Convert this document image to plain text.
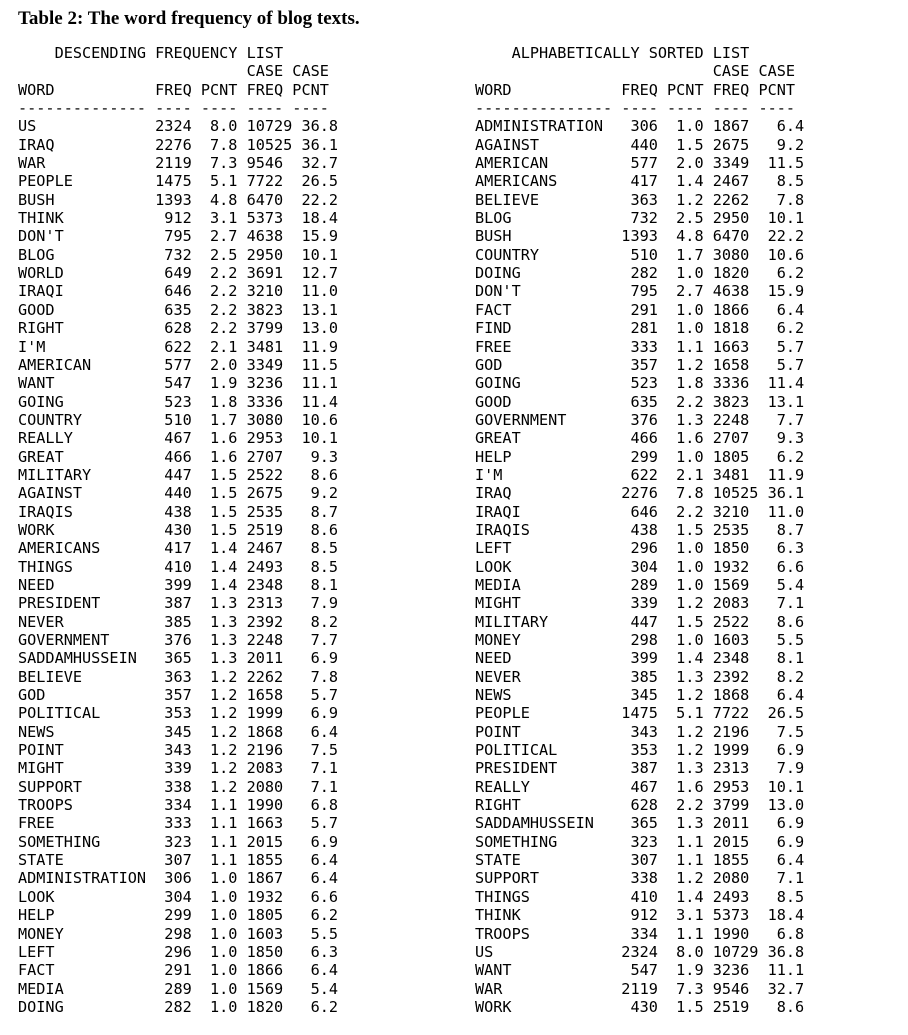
Table 2: The word frequency of blog texts.
DESCENDING FREQUENCY LIST
CASE CASE
WORD           FREQ PCNT FREQ PCNT
-------------- ---- ---- ---- ----
US             2324  8.0 10729 36.8
IRAQ           2276  7.8 10525 36.1
WAR            2119  7.3 9546  32.7
PEOPLE         1475  5.1 7722  26.5
BUSH           1393  4.8 6470  22.2
THINK           912  3.1 5373  18.4
DON'T           795  2.7 4638  15.9
BLOG            732  2.5 2950  10.1
WORLD           649  2.2 3691  12.7
IRAQI           646  2.2 3210  11.0
GOOD            635  2.2 3823  13.1
RIGHT           628  2.2 3799  13.0
I'M             622  2.1 3481  11.9
AMERICAN        577  2.0 3349  11.5
WANT            547  1.9 3236  11.1
GOING           523  1.8 3336  11.4
COUNTRY         510  1.7 3080  10.6
REALLY          467  1.6 2953  10.1
GREAT           466  1.6 2707   9.3
MILITARY        447  1.5 2522   8.6
AGAINST         440  1.5 2675   9.2
IRAQIS          438  1.5 2535   8.7
WORK            430  1.5 2519   8.6
AMERICANS       417  1.4 2467   8.5
THINGS          410  1.4 2493   8.5
NEED            399  1.4 2348   8.1
PRESIDENT       387  1.3 2313   7.9
NEVER           385  1.3 2392   8.2
GOVERNMENT      376  1.3 2248   7.7
SADDAMHUSSEIN   365  1.3 2011   6.9
BELIEVE         363  1.2 2262   7.8
GOD             357  1.2 1658   5.7
POLITICAL       353  1.2 1999   6.9
NEWS            345  1.2 1868   6.4
POINT           343  1.2 2196   7.5
MIGHT           339  1.2 2083   7.1
SUPPORT         338  1.2 2080   7.1
TROOPS          334  1.1 1990   6.8
FREE            333  1.1 1663   5.7
SOMETHING       323  1.1 2015   6.9
STATE           307  1.1 1855   6.4
ADMINISTRATION  306  1.0 1867   6.4
LOOK            304  1.0 1932   6.6
HELP            299  1.0 1805   6.2
MONEY           298  1.0 1603   5.5
LEFT            296  1.0 1850   6.3
FACT            291  1.0 1866   6.4
MEDIA           289  1.0 1569   5.4
DOING           282  1.0 1820   6.2
ALPHABETICALLY SORTED LIST
CASE CASE
WORD            FREQ PCNT FREQ PCNT
--------------- ---- ---- ---- ----
ADMINISTRATION   306  1.0 1867   6.4
AGAINST          440  1.5 2675   9.2
AMERICAN         577  2.0 3349  11.5
AMERICANS        417  1.4 2467   8.5
BELIEVE          363  1.2 2262   7.8
BLOG             732  2.5 2950  10.1
BUSH            1393  4.8 6470  22.2
COUNTRY          510  1.7 3080  10.6
DOING            282  1.0 1820   6.2
DON'T            795  2.7 4638  15.9
FACT             291  1.0 1866   6.4
FIND             281  1.0 1818   6.2
FREE             333  1.1 1663   5.7
GOD              357  1.2 1658   5.7
GOING            523  1.8 3336  11.4
GOOD             635  2.2 3823  13.1
GOVERNMENT       376  1.3 2248   7.7
GREAT            466  1.6 2707   9.3
HELP             299  1.0 1805   6.2
I'M              622  2.1 3481  11.9
IRAQ            2276  7.8 10525 36.1
IRAQI            646  2.2 3210  11.0
IRAQIS           438  1.5 2535   8.7
LEFT             296  1.0 1850   6.3
LOOK             304  1.0 1932   6.6
MEDIA            289  1.0 1569   5.4
MIGHT            339  1.2 2083   7.1
MILITARY         447  1.5 2522   8.6
MONEY            298  1.0 1603   5.5
NEED             399  1.4 2348   8.1
NEVER            385  1.3 2392   8.2
NEWS             345  1.2 1868   6.4
PEOPLE          1475  5.1 7722  26.5
POINT            343  1.2 2196   7.5
POLITICAL        353  1.2 1999   6.9
PRESIDENT        387  1.3 2313   7.9
REALLY           467  1.6 2953  10.1
RIGHT            628  2.2 3799  13.0
SADDAMHUSSEIN    365  1.3 2011   6.9
SOMETHING        323  1.1 2015   6.9
STATE            307  1.1 1855   6.4
SUPPORT          338  1.2 2080   7.1
THINGS           410  1.4 2493   8.5
THINK            912  3.1 5373  18.4
TROOPS           334  1.1 1990   6.8
US              2324  8.0 10729 36.8
WANT             547  1.9 3236  11.1
WAR             2119  7.3 9546  32.7
WORK             430  1.5 2519   8.6
